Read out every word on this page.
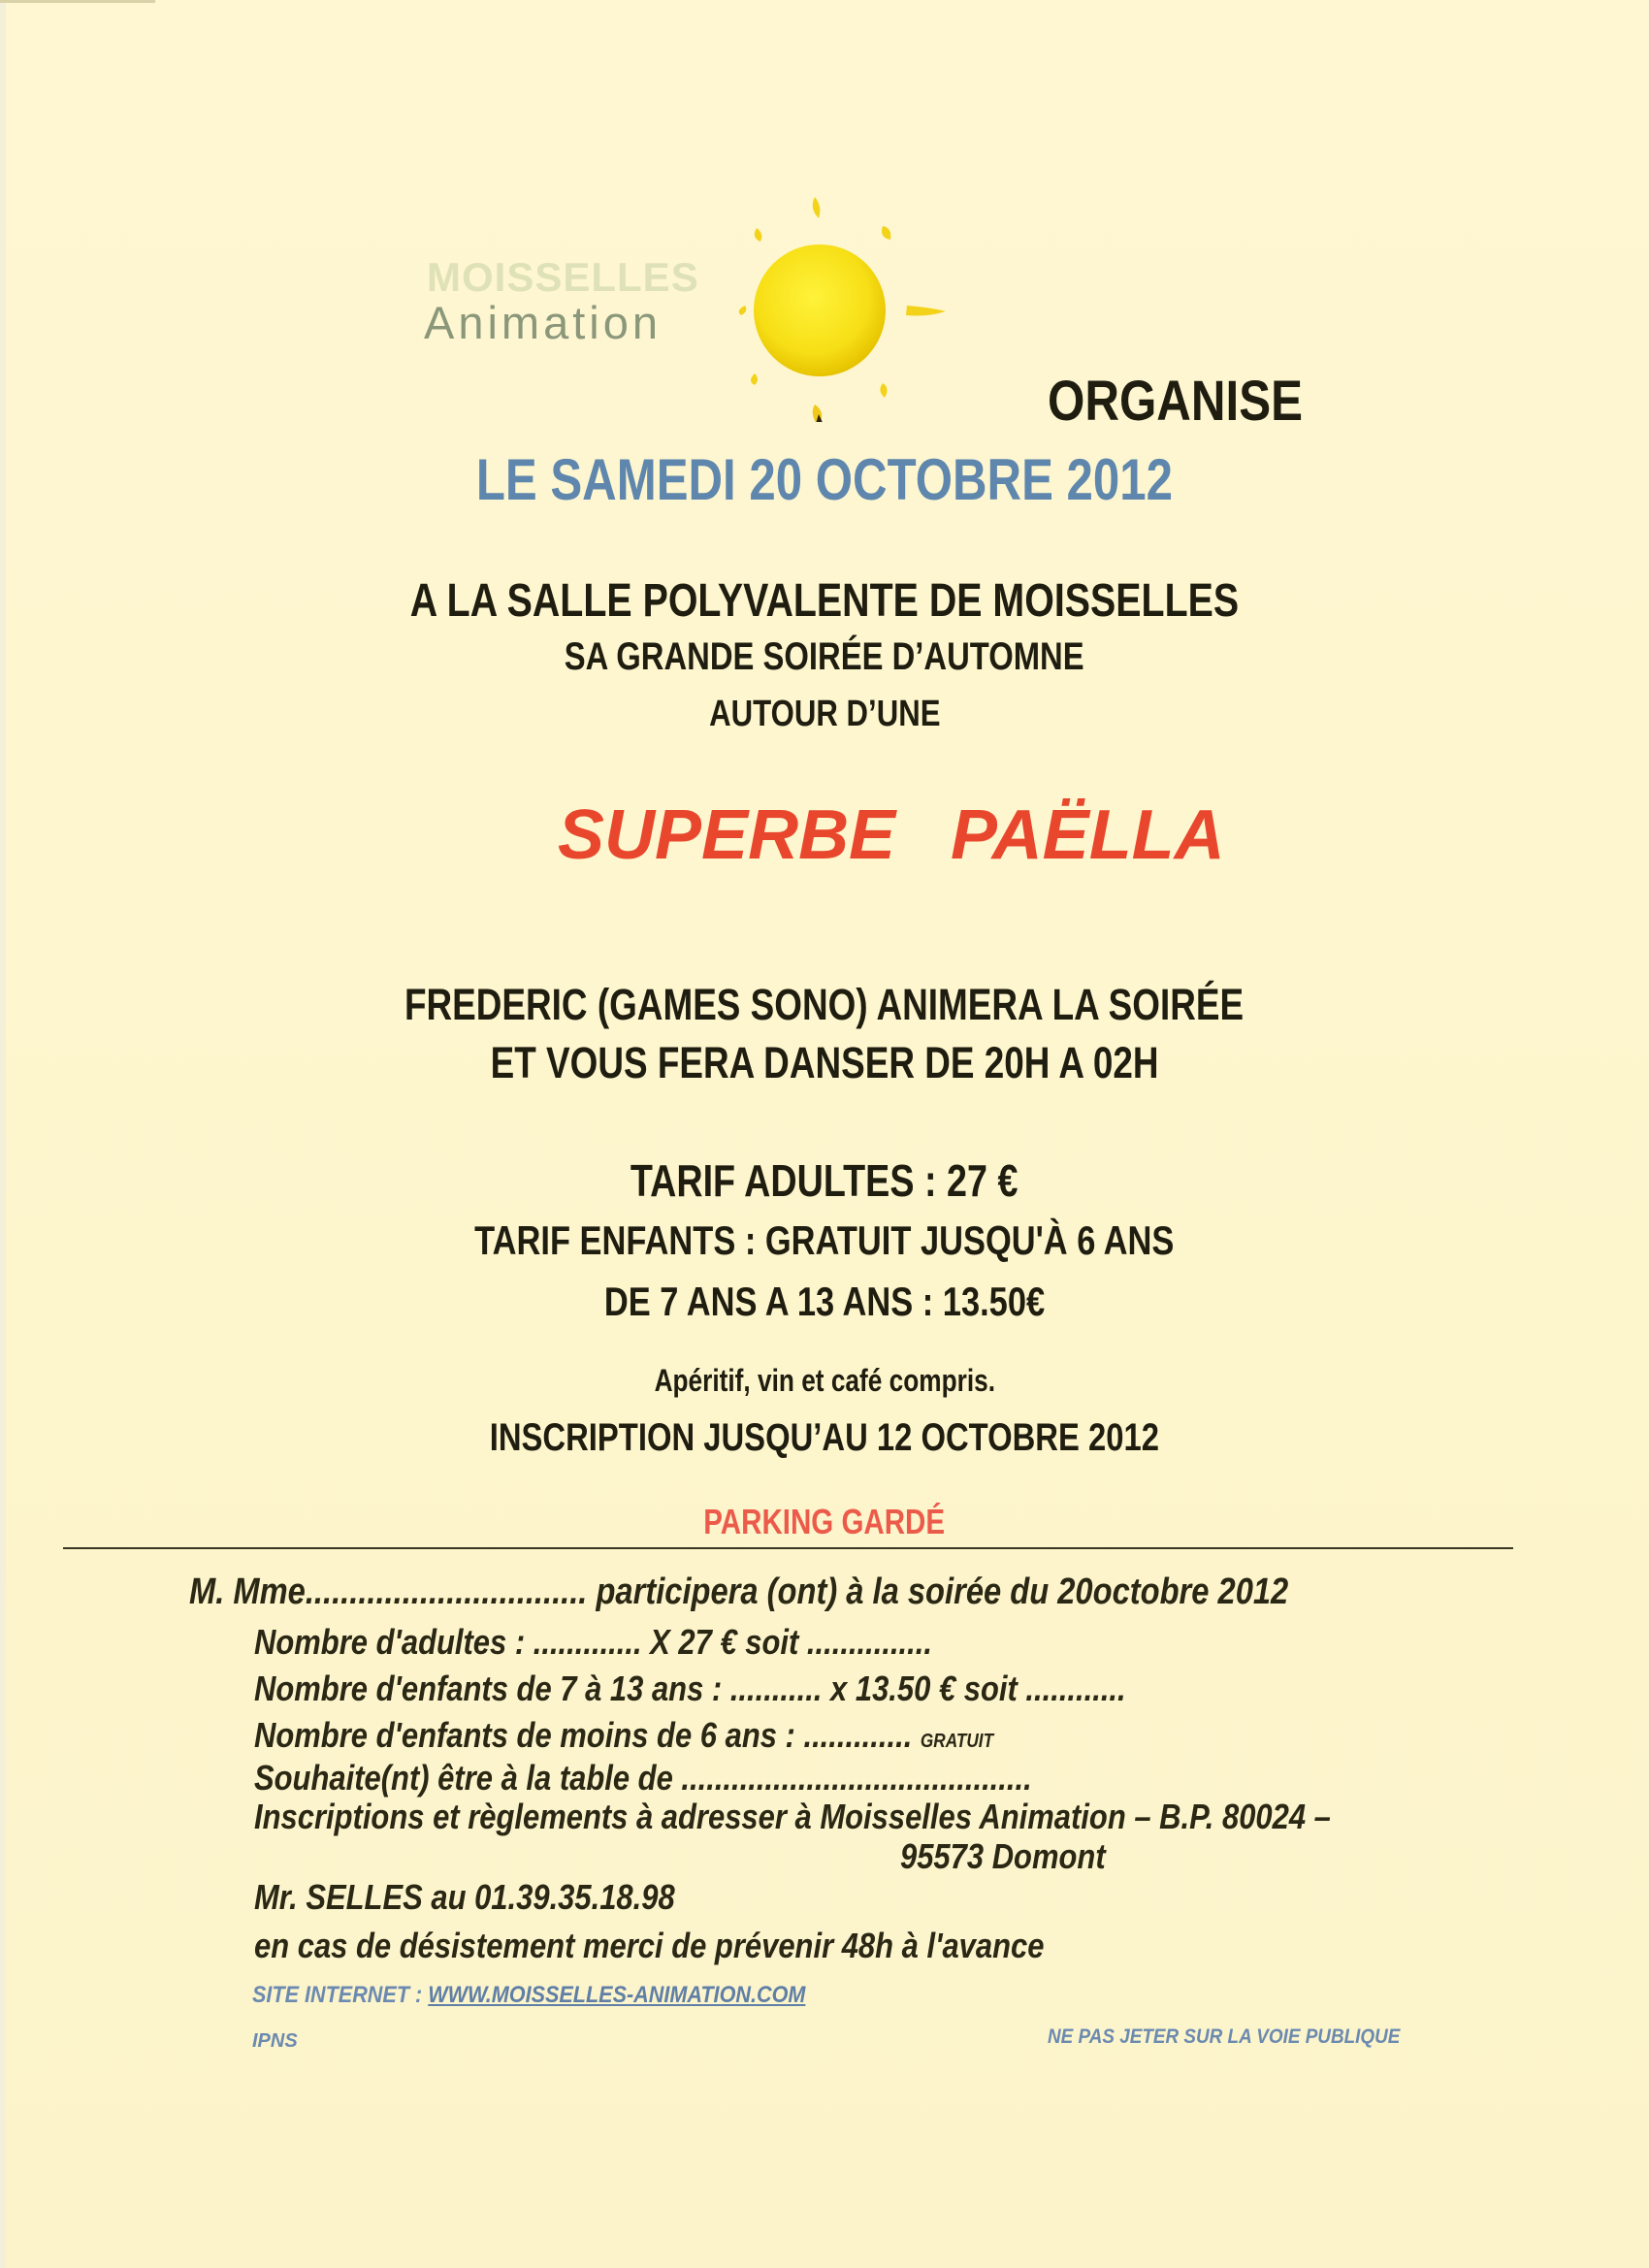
MOISSELLES
Animation
ORGANISE
LE SAMEDI 20 OCTOBRE 2012
A LA SALLE POLYVALENTE DE MOISSELLES
SA GRANDE SOIRÉE D’AUTOMNE
AUTOUR D’UNE
SUPERBE PAËLLA
FREDERIC (GAMES SONO) ANIMERA LA SOIRÉE
ET VOUS FERA DANSER DE 20H A 02H
TARIF ADULTES : 27 €
TARIF ENFANTS : GRATUIT JUSQU'À 6 ANS
DE 7 ANS A 13 ANS : 13.50€
Apéritif, vin et café compris.
INSCRIPTION JUSQU’AU 12 OCTOBRE 2012
PARKING GARDÉ
M. Mme................................ participera (ont) à la soirée du 20octobre 2012
Nombre d'adultes : ............. X 27 € soit ...............
Nombre d'enfants de 7 à 13 ans : ........... x 13.50 € soit ............
Nombre d'enfants de moins de 6 ans : ............. GRATUIT
Souhaite(nt) être à la table de ..........................................
Inscriptions et règlements à adresser à Moisselles Animation – B.P. 80024 –
95573 Domont
Mr. SELLES au 01.39.35.18.98
en cas de désistement merci de prévenir 48h à l'avance
SITE INTERNET : WWW.MOISSELLES-ANIMATION.COM
IPNS	NE PAS JETER SUR LA VOIE PUBLIQUE
